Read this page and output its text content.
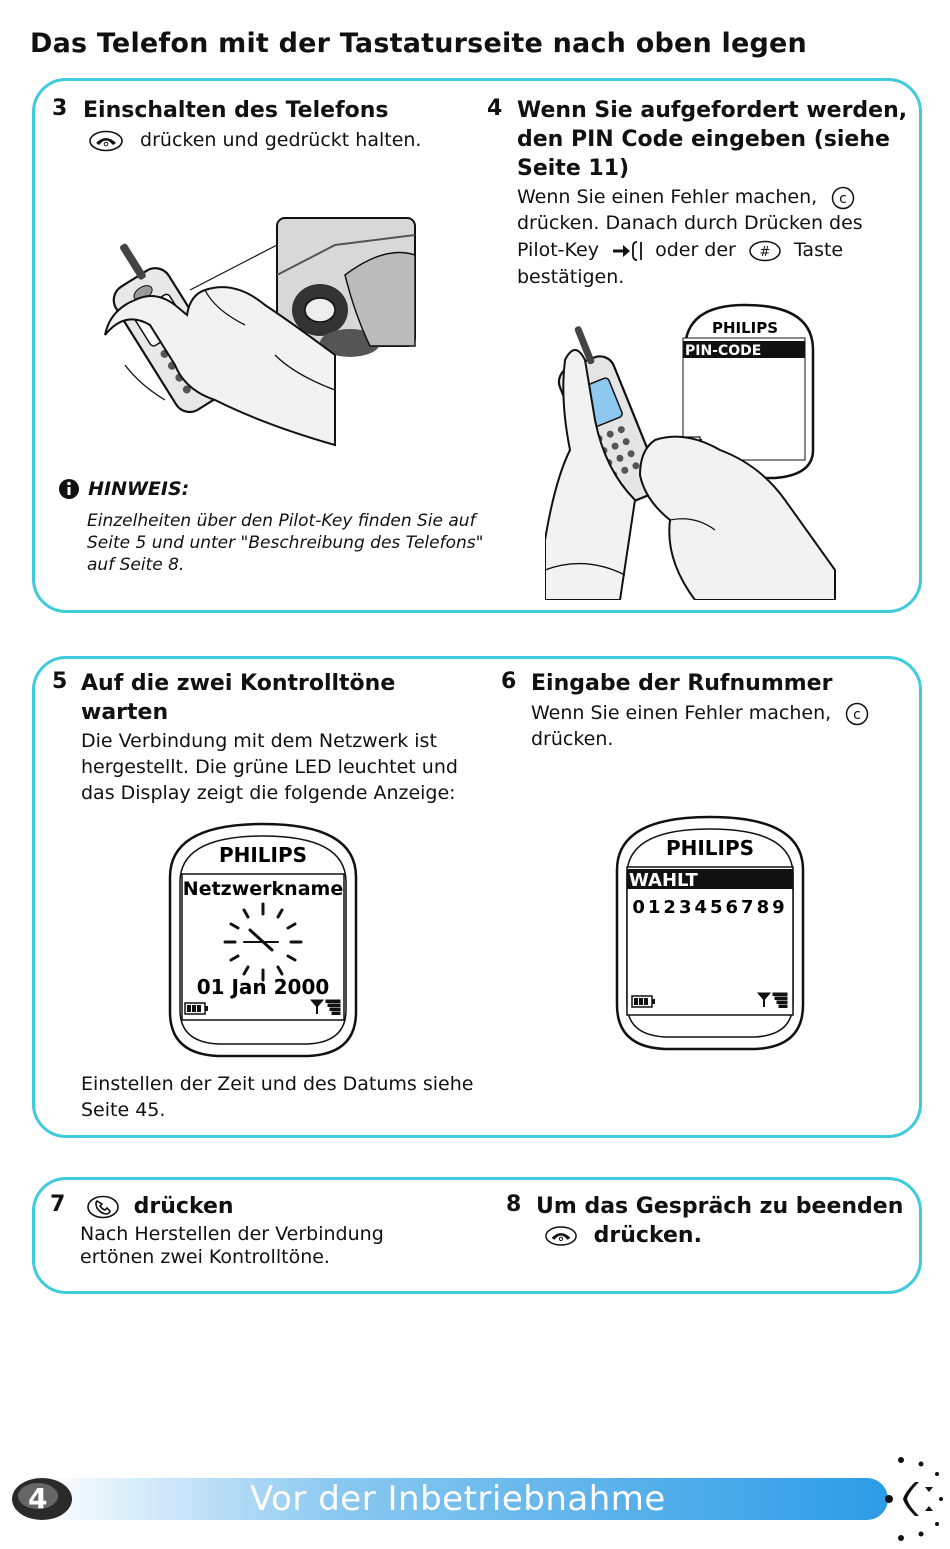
Das Telefon mit der Tastaturseite nach oben legen
3 Einschalten des Telefons
drücken und gedrückt halten.
HINWEIS:
Einzelheiten über den Pilot-Key finden Sie auf
Seite 5 und unter "Beschreibung des Telefons"
auf Seite 8.
4 Wenn Sie aufgefordert werden,
den PIN Code eingeben (siehe
Seite 11)
Wenn Sie einen Fehler machen, c
drücken. Danach durch Drücken des
Pilot-Key	oder der # Taste
bestätigen.
PHILIPS
PIN-CODE
5 Auf die zwei Kontrolltöne
warten
Die Verbindung mit dem Netzwerk ist
hergestellt. Die grüne LED leuchtet und
das Display zeigt die folgende Anzeige:
PHILIPS
Netzwerkname
01 Jan 2000
Einstellen der Zeit und des Datums siehe
Seite 45.
6 Eingabe der Rufnummer
Wenn Sie einen Fehler machen, c
drücken.
PHILIPS
WAHLT
0123456789
7	drücken
Nach Herstellen der Verbindung
ertönen zwei Kontrolltöne.
8 Um das Gespräch zu beenden
drücken.
4	Vor der Inbetriebnahme
